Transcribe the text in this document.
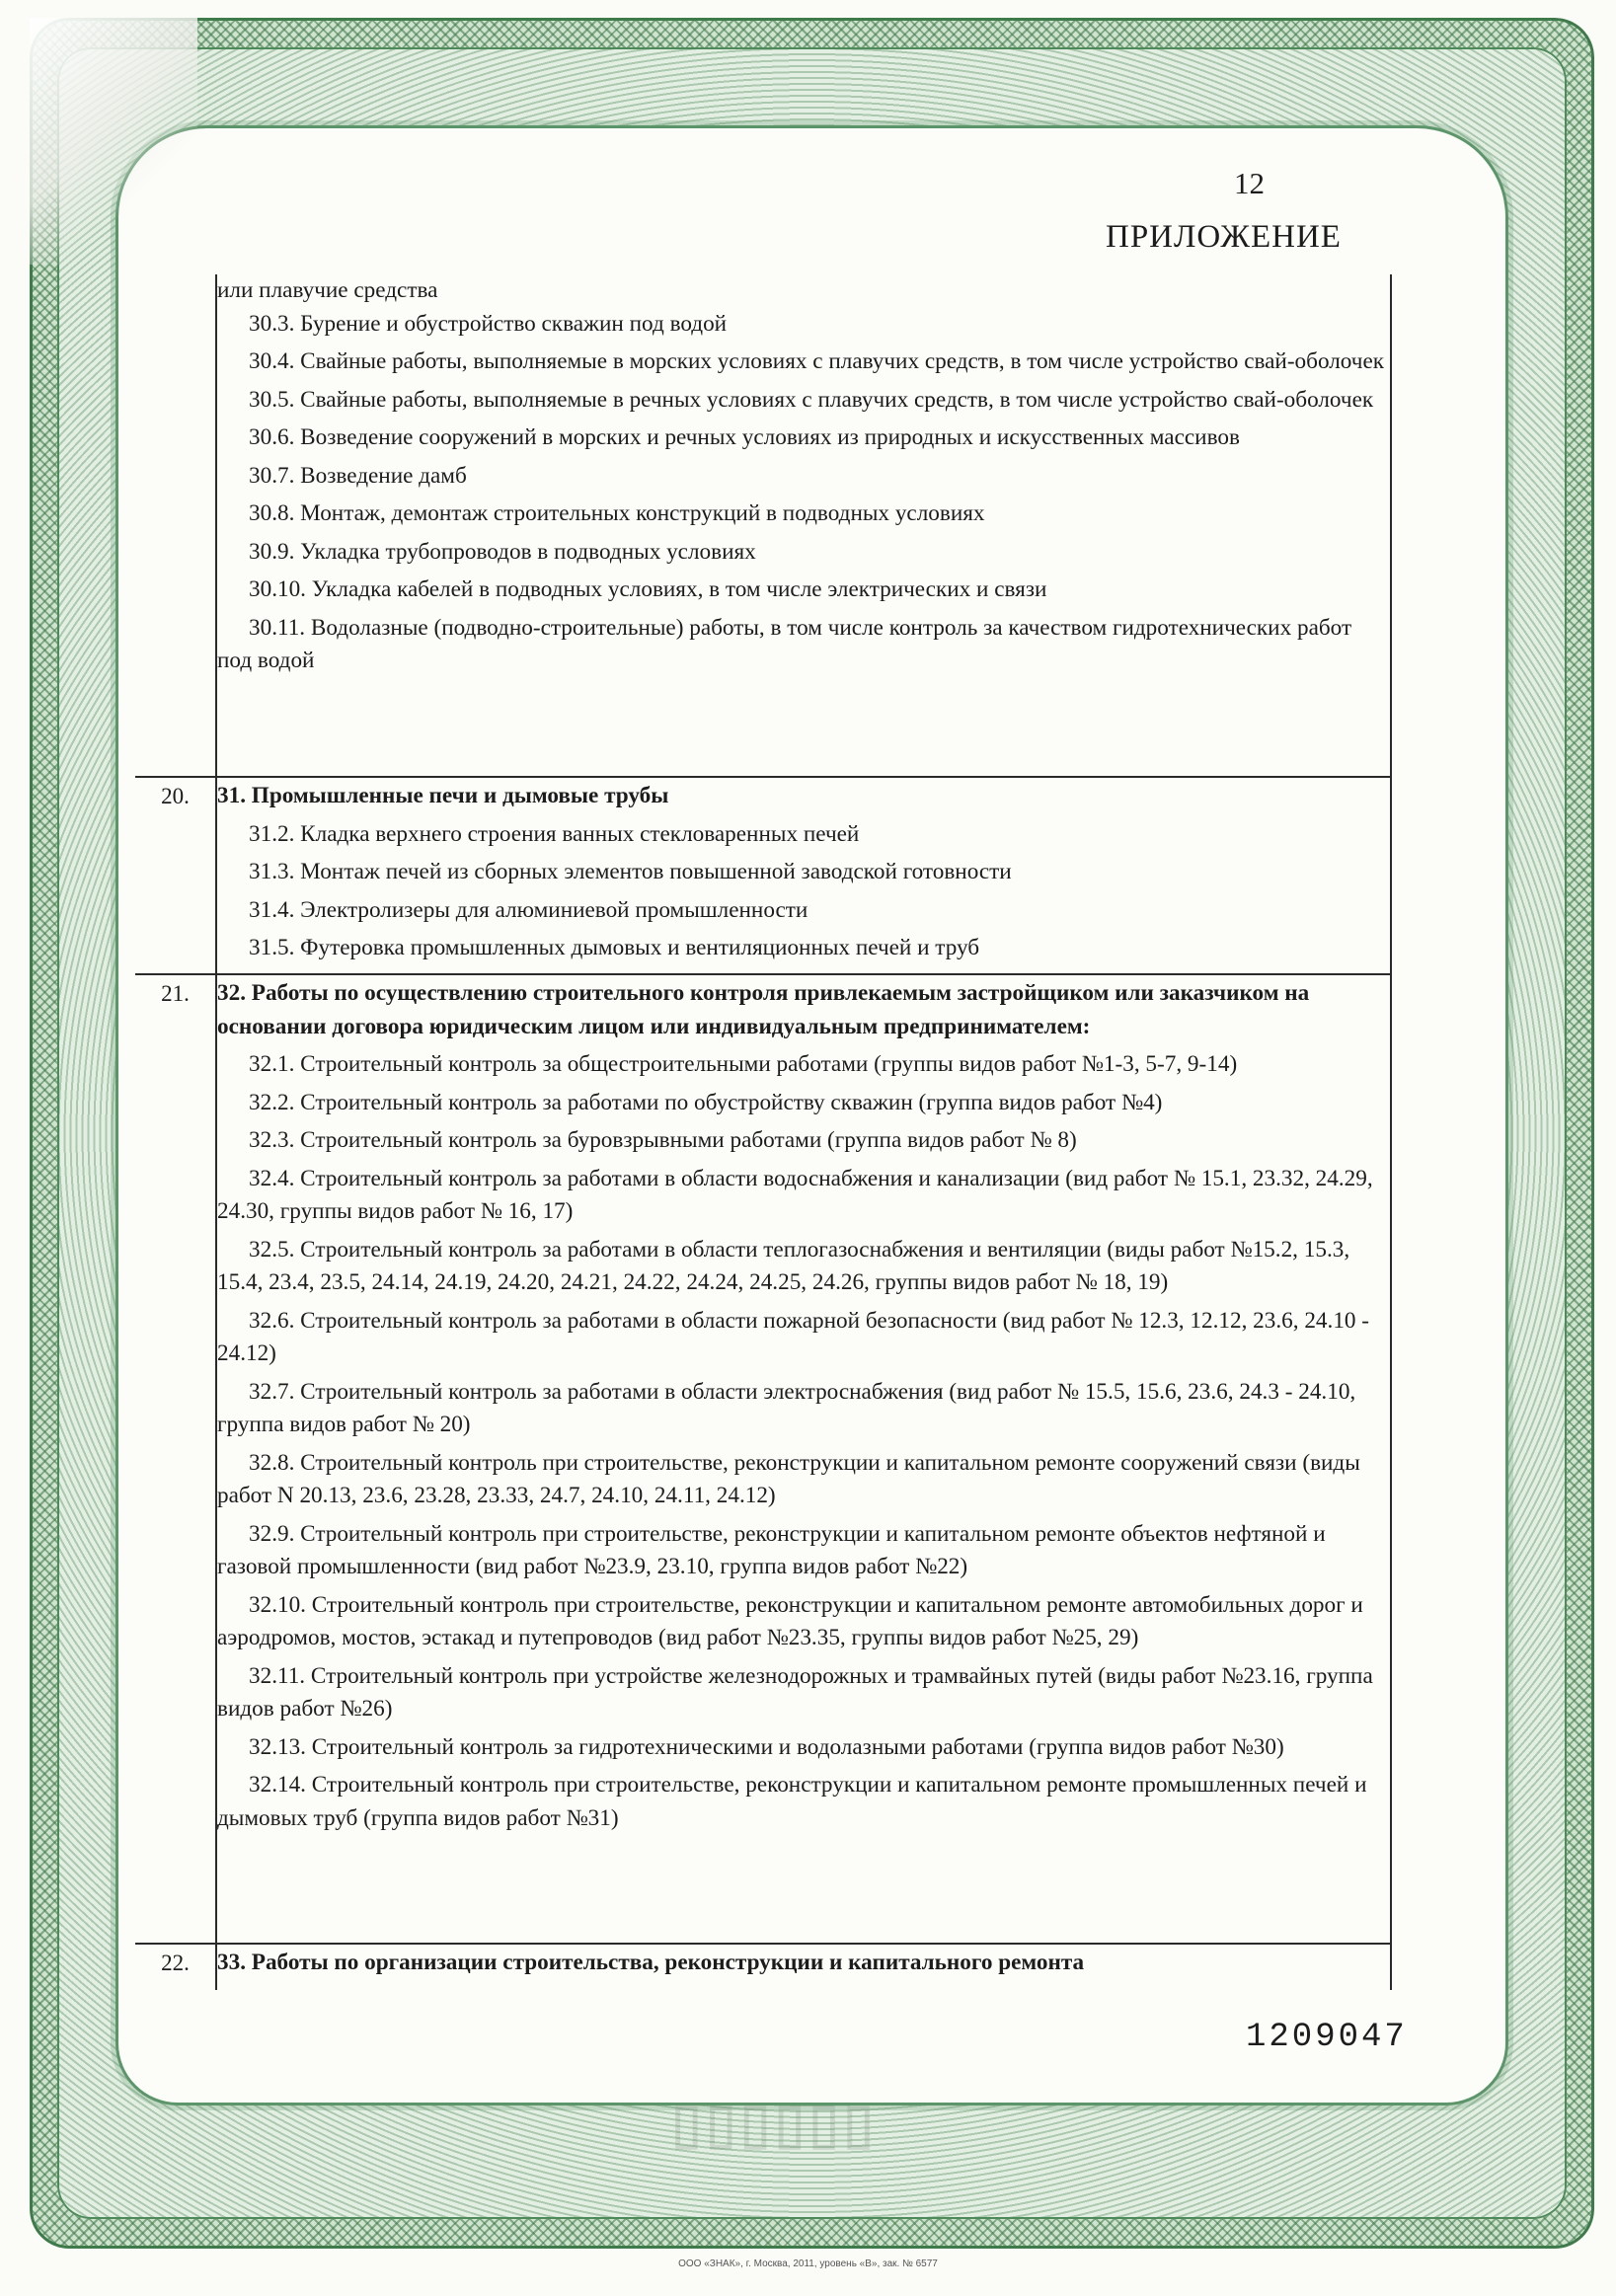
12
ПРИЛОЖЕНИЕ

или плавучие средства

30.3. Бурение и обустройство скважин под водой

30.4. Свайные работы, выполняемые в морских условиях с плавучих средств, в том числе устройство свай-оболочек

30.5. Свайные работы, выполняемые в речных условиях с плавучих средств, в том числе устройство свай-оболочек

30.6. Возведение сооружений в морских и речных условиях из природных и искусственных массивов

30.7. Возведение дамб

30.8. Монтаж, демонтаж строительных конструкций в подводных условиях

30.9. Укладка трубопроводов в подводных условиях

30.10. Укладка кабелей в подводных условиях, в том числе электрических и связи

30.11. Водолазные (подводно-строительные) работы, в том числе контроль за качеством гидротехнических работ под водой

20.	31. Промышленные печи и дымовые трубы

31.2. Кладка верхнего строения ванных стекловаренных печей

31.3. Монтаж печей из сборных элементов повышенной заводской готовности

31.4. Электролизеры для алюминиевой промышленности

31.5. Футеровка промышленных дымовых и вентиляционных печей и труб

21.	32. Работы по осуществлению строительного контроля привлекаемым застройщиком или заказчиком на основании договора юридическим лицом или индивидуальным предпринимателем:

32.1. Строительный контроль за общестроительными работами (группы видов работ №1-3, 5-7, 9-14)

32.2. Строительный контроль за работами по обустройству скважин (группа видов работ №4)

32.3. Строительный контроль за буровзрывными работами (группа видов работ № 8)

32.4. Строительный контроль за работами в области водоснабжения и канализации (вид работ № 15.1, 23.32, 24.29, 24.30, группы видов работ № 16, 17)

32.5. Строительный контроль за работами в области теплогазоснабжения и вентиляции (виды работ №15.2, 15.3, 15.4, 23.4, 23.5, 24.14, 24.19, 24.20, 24.21, 24.22, 24.24, 24.25, 24.26, группы видов работ № 18, 19)

32.6. Строительный контроль за работами в области пожарной безопасности (вид работ № 12.3, 12.12, 23.6, 24.10 - 24.12)

32.7. Строительный контроль за работами в области электроснабжения (вид работ № 15.5, 15.6, 23.6, 24.3 - 24.10, группа видов работ № 20)

32.8. Строительный контроль при строительстве, реконструкции и капитальном ремонте сооружений связи (виды работ N 20.13, 23.6, 23.28, 23.33, 24.7, 24.10, 24.11, 24.12)

32.9. Строительный контроль при строительстве, реконструкции и капитальном ремонте объектов нефтяной и газовой промышленности (вид работ №23.9, 23.10, группа видов работ №22)

32.10. Строительный контроль при строительстве, реконструкции и капитальном ремонте автомобильных дорог и аэродромов, мостов, эстакад и путепроводов (вид работ №23.35, группы видов работ №25, 29)

32.11. Строительный контроль при устройстве железнодорожных и трамвайных путей (виды работ №23.16, группа видов работ №26)

32.13. Строительный контроль за гидротехническими и водолазными работами (группа видов работ №30)

32.14. Строительный контроль при строительстве, реконструкции и капитальном ремонте промышленных печей и дымовых труб (группа видов работ №31)

22.	33. Работы по организации строительства, реконструкции и капитального ремонта

1209047
▯▯▯▯▯▯
ООО «ЗНАК», г. Москва, 2011, уровень «В», зак. № 6577
